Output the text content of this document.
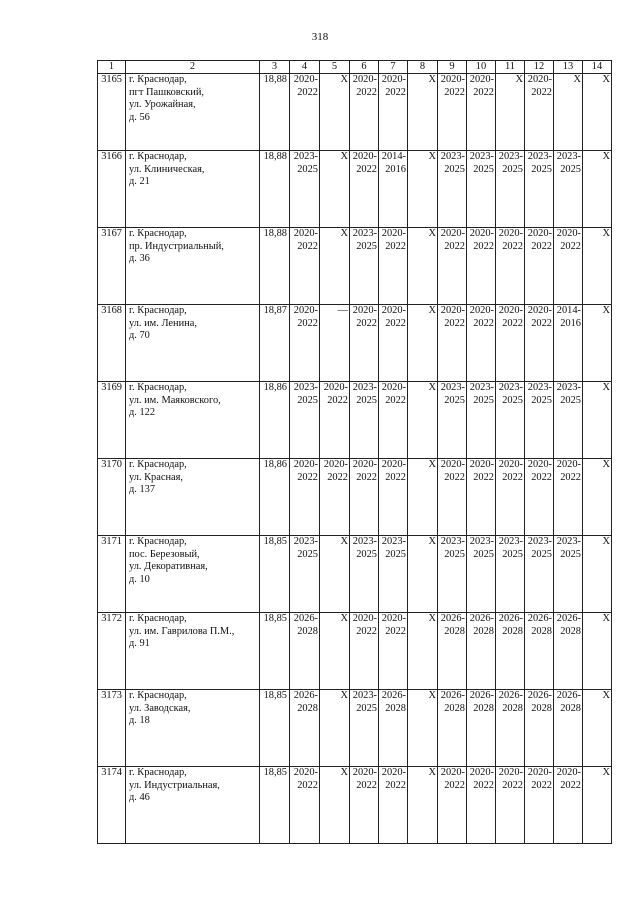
318
1	2	3	4	5	6	7	8	9	10	11	12	13	14
3165	г. Краснодар,
пгт Пашковский,
ул. Урожайная,
д. 56	18,88	2020-
2022	Х	2020-
2022	2020-
2022	Х	2020-
2022	2020-
2022	Х	2020-
2022	Х	Х
3166	г. Краснодар,
ул. Клиническая,
д. 21	18,88	2023-
2025	Х	2020-
2022	2014-
2016	Х	2023-
2025	2023-
2025	2023-
2025	2023-
2025	2023-
2025	Х
3167	г. Краснодар,
пр. Индустриальный,
д. 36	18,88	2020-
2022	Х	2023-
2025	2020-
2022	Х	2020-
2022	2020-
2022	2020-
2022	2020-
2022	2020-
2022	Х
3168	г. Краснодар,
ул. им. Ленина,
д. 70	18,87	2020-
2022	—	2020-
2022	2020-
2022	Х	2020-
2022	2020-
2022	2020-
2022	2020-
2022	2014-
2016	Х
3169	г. Краснодар,
ул. им. Маяковского,
д. 122	18,86	2023-
2025	2020-
2022	2023-
2025	2020-
2022	Х	2023-
2025	2023-
2025	2023-
2025	2023-
2025	2023-
2025	Х
3170	г. Краснодар,
ул. Красная,
д. 137	18,86	2020-
2022	2020-
2022	2020-
2022	2020-
2022	Х	2020-
2022	2020-
2022	2020-
2022	2020-
2022	2020-
2022	Х
3171	г. Краснодар,
пос. Березовый,
ул. Декоративная,
д. 10	18,85	2023-
2025	Х	2023-
2025	2023-
2025	Х	2023-
2025	2023-
2025	2023-
2025	2023-
2025	2023-
2025	Х
3172	г. Краснодар,
ул. им. Гаврилова П.М.,
д. 91	18,85	2026-
2028	Х	2020-
2022	2020-
2022	Х	2026-
2028	2026-
2028	2026-
2028	2026-
2028	2026-
2028	Х
3173	г. Краснодар,
ул. Заводская,
д. 18	18,85	2026-
2028	Х	2023-
2025	2026-
2028	Х	2026-
2028	2026-
2028	2026-
2028	2026-
2028	2026-
2028	Х
3174	г. Краснодар,
ул. Индустриальная,
д. 46	18,85	2020-
2022	Х	2020-
2022	2020-
2022	Х	2020-
2022	2020-
2022	2020-
2022	2020-
2022	2020-
2022	Х
